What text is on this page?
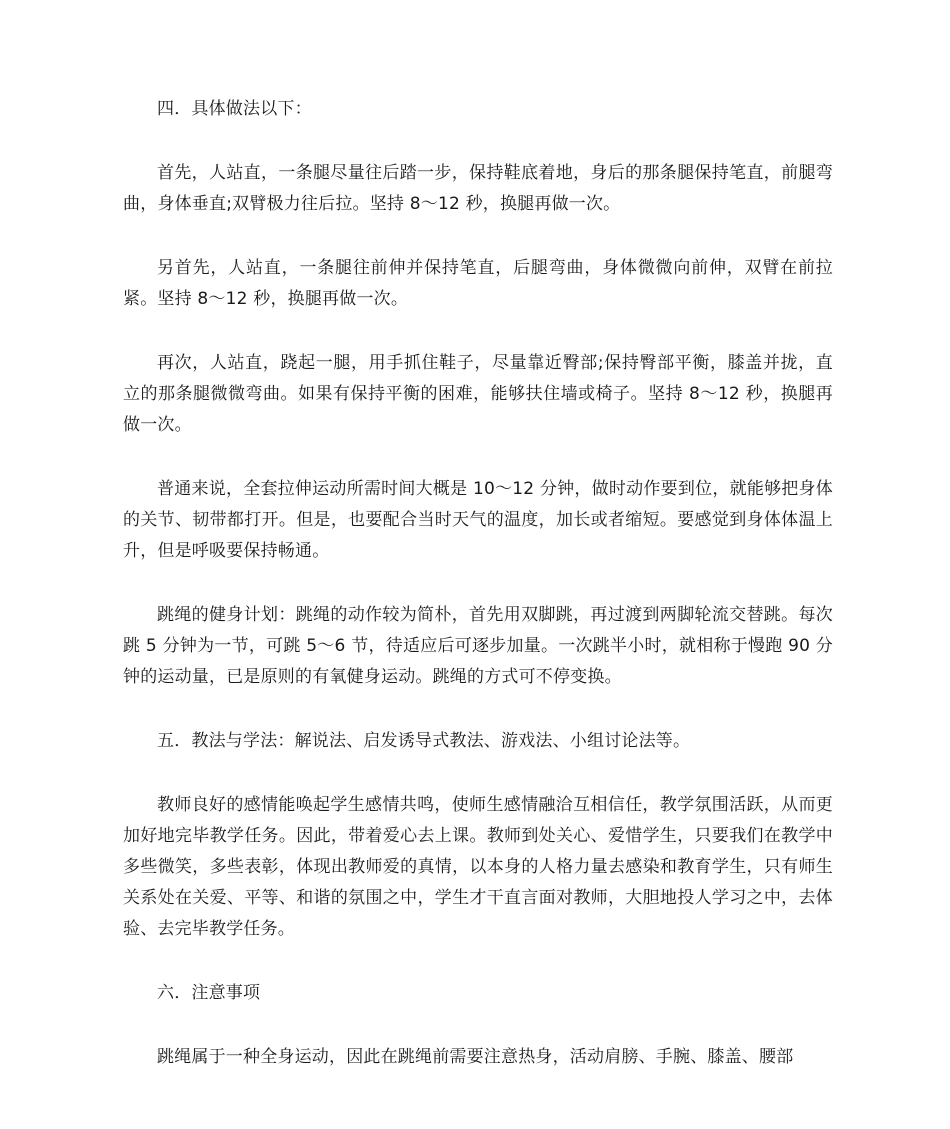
四．具体做法以下：

首先，人站直，一条腿尽量往后踏一步，保持鞋底着地，身后的那条腿保持笔直，前腿弯曲，身体垂直;双臂极力往后拉。坚持 8～12 秒，换腿再做一次。

另首先，人站直，一条腿往前伸并保持笔直，后腿弯曲，身体微微向前伸，双臂在前拉紧。坚持 8～12 秒，换腿再做一次。

再次，人站直，跷起一腿，用手抓住鞋子，尽量靠近臀部;保持臀部平衡，膝盖并拢，直立的那条腿微微弯曲。如果有保持平衡的困难，能够扶住墙或椅子。坚持 8～12 秒，换腿再做一次。

普通来说，全套拉伸运动所需时间大概是 10～12 分钟，做时动作要到位，就能够把身体的关节、韧带都打开。但是，也要配合当时天气的温度，加长或者缩短。要感觉到身体体温上升，但是呼吸要保持畅通。

跳绳的健身计划：跳绳的动作较为简朴，首先用双脚跳，再过渡到两脚轮流交替跳。每次跳 5 分钟为一节，可跳 5～6 节，待适应后可逐步加量。一次跳半小时，就相称于慢跑 90 分钟的运动量，已是原则的有氧健身运动。跳绳的方式可不停变换。

五．教法与学法：解说法、启发诱导式教法、游戏法、小组讨论法等。

教师良好的感情能唤起学生感情共鸣，使师生感情融洽互相信任，教学氛围活跃，从而更加好地完毕教学任务。因此，带着爱心去上课。教师到处关心、爱惜学生，只要我们在教学中多些微笑，多些表彰，体现出教师爱的真情，以本身的人格力量去感染和教育学生，只有师生关系处在关爱、平等、和谐的氛围之中，学生才干直言面对教师，大胆地投人学习之中，去体验、去完毕教学任务。

六．注意事项

跳绳属于一种全身运动，因此在跳绳前需要注意热身，活动肩膀、手腕、膝盖、腰部
